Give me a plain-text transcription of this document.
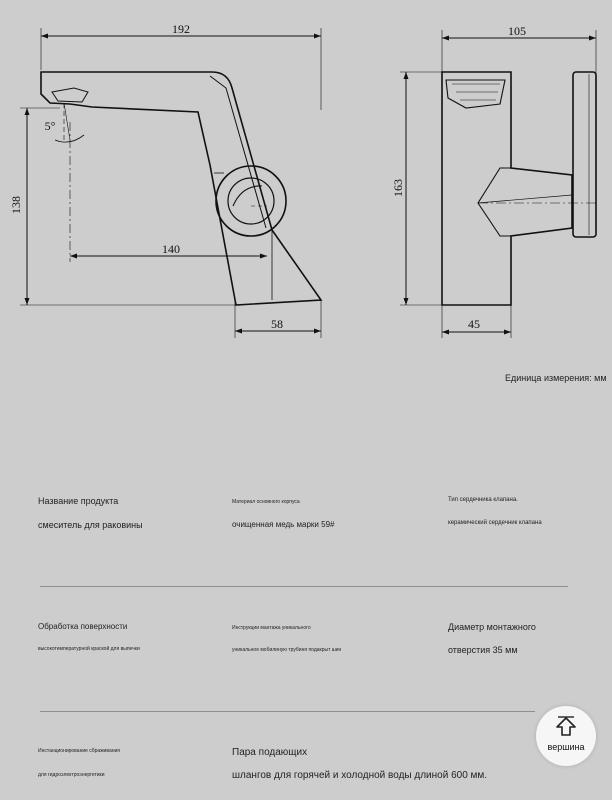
192
138
140
58
5°
105
163
45
Единица измерения: мм
Название продукта
смеситель для раковины
Материал основного корпуса
очищенная медь марки 59#
Тип сердечника клапана.
керамический сердечник клапана
Обработка поверхности
высокотемпературной краской для выпечки
Инструкции мантажа уникального
уникальное мобилиную трубиня подакрыт шин
Диаметр монтажного
отверстия 35 мм
Инстанционирование сбраживания
для гидроэлектроэнергетики
Пара подающих
шлангов для горячей и холодной воды длиной 600 мм.
вершина
